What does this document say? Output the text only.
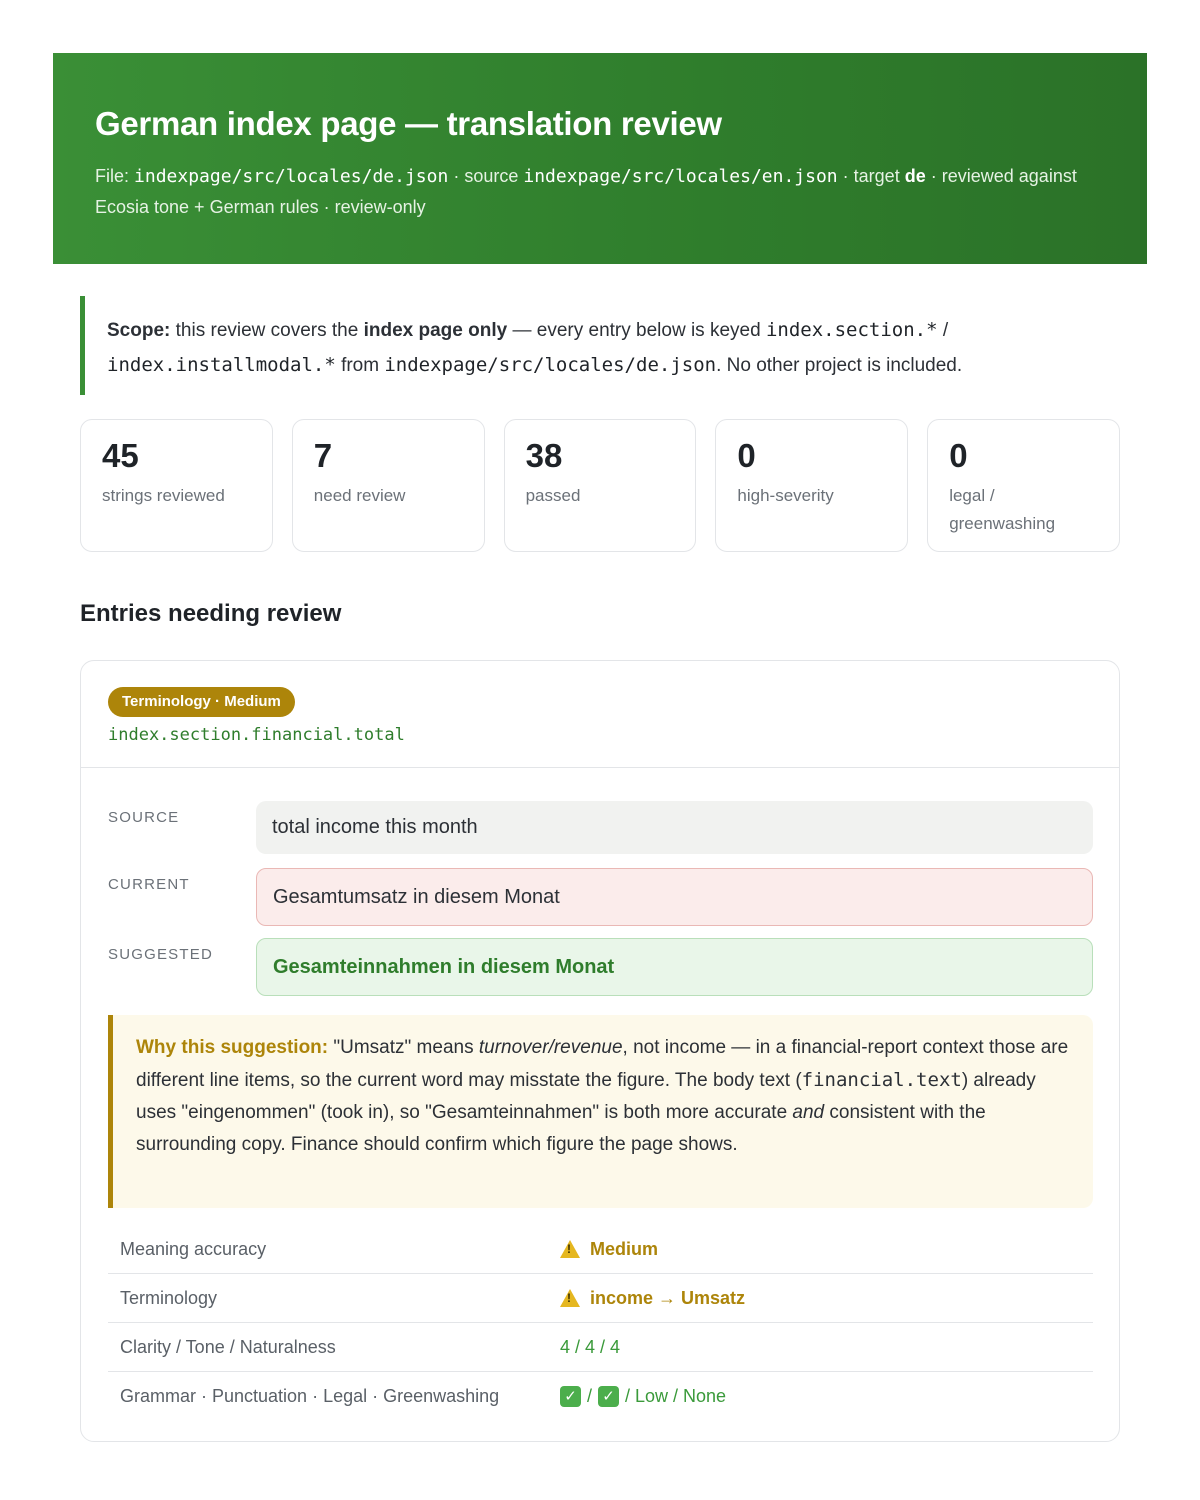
German index page — translation review
File: indexpage/src/locales/de.json · source indexpage/src/locales/en.json · target de · reviewed against Ecosia tone + German rules · review-only
Scope: this review covers the index page only — every entry below is keyed index.section.* / index.installmodal.* from indexpage/src/locales/de.json. No other project is included.
45
strings reviewed
7
need review
38
passed
0
high-severity
0
legal / greenwashing
Entries needing review
Terminology · Medium
index.section.financial.total
SOURCE	total income this month
CURRENT
Gesamtumsatz in diesem Monat
SUGGESTED
Gesamteinnahmen in diesem Monat
Why this suggestion: "Umsatz" means turnover/revenue, not income — in a financial-report context those are different line items, so the current word may misstate the figure. The body text (financial.text) already uses "eingenommen" (took in), so "Gesamteinnahmen" is both more accurate and consistent with the surrounding copy. Finance should confirm which figure the page shows.
Meaning accuracy !	Medium
Terminology !	income → Umsatz
Clarity / Tone / Naturalness	4 / 4 / 4
Grammar · Punctuation · Legal · Greenwashing	✓ / ✓ / Low / None
